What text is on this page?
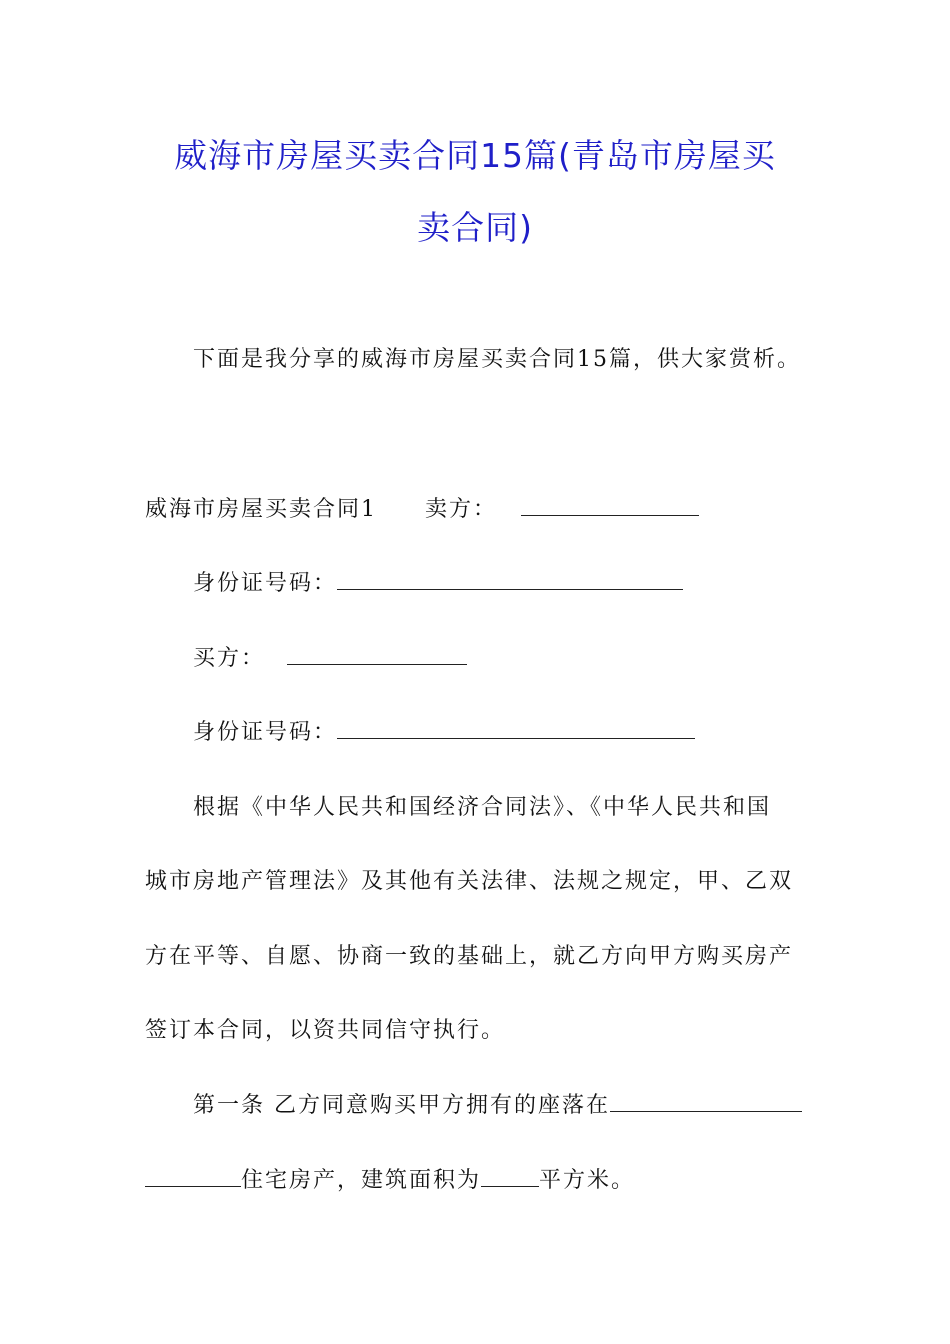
威海市房屋买卖合同15篇(青岛市房屋买
卖合同)
下面是我分享的威海市房屋买卖合同15篇，供大家赏析。
威海市房屋买卖合同1 卖方：
身份证号码：
买方：
身份证号码：
根据《中华人民共和国经济合同法》、《中华人民共和国
城市房地产管理法》及其他有关法律、法规之规定，甲、乙双
方在平等、自愿、协商一致的基础上，就乙方向甲方购买房产
签订本合同，以资共同信守执行。
第一条 乙方同意购买甲方拥有的座落在
住宅房产，建筑面积为	平方米。
